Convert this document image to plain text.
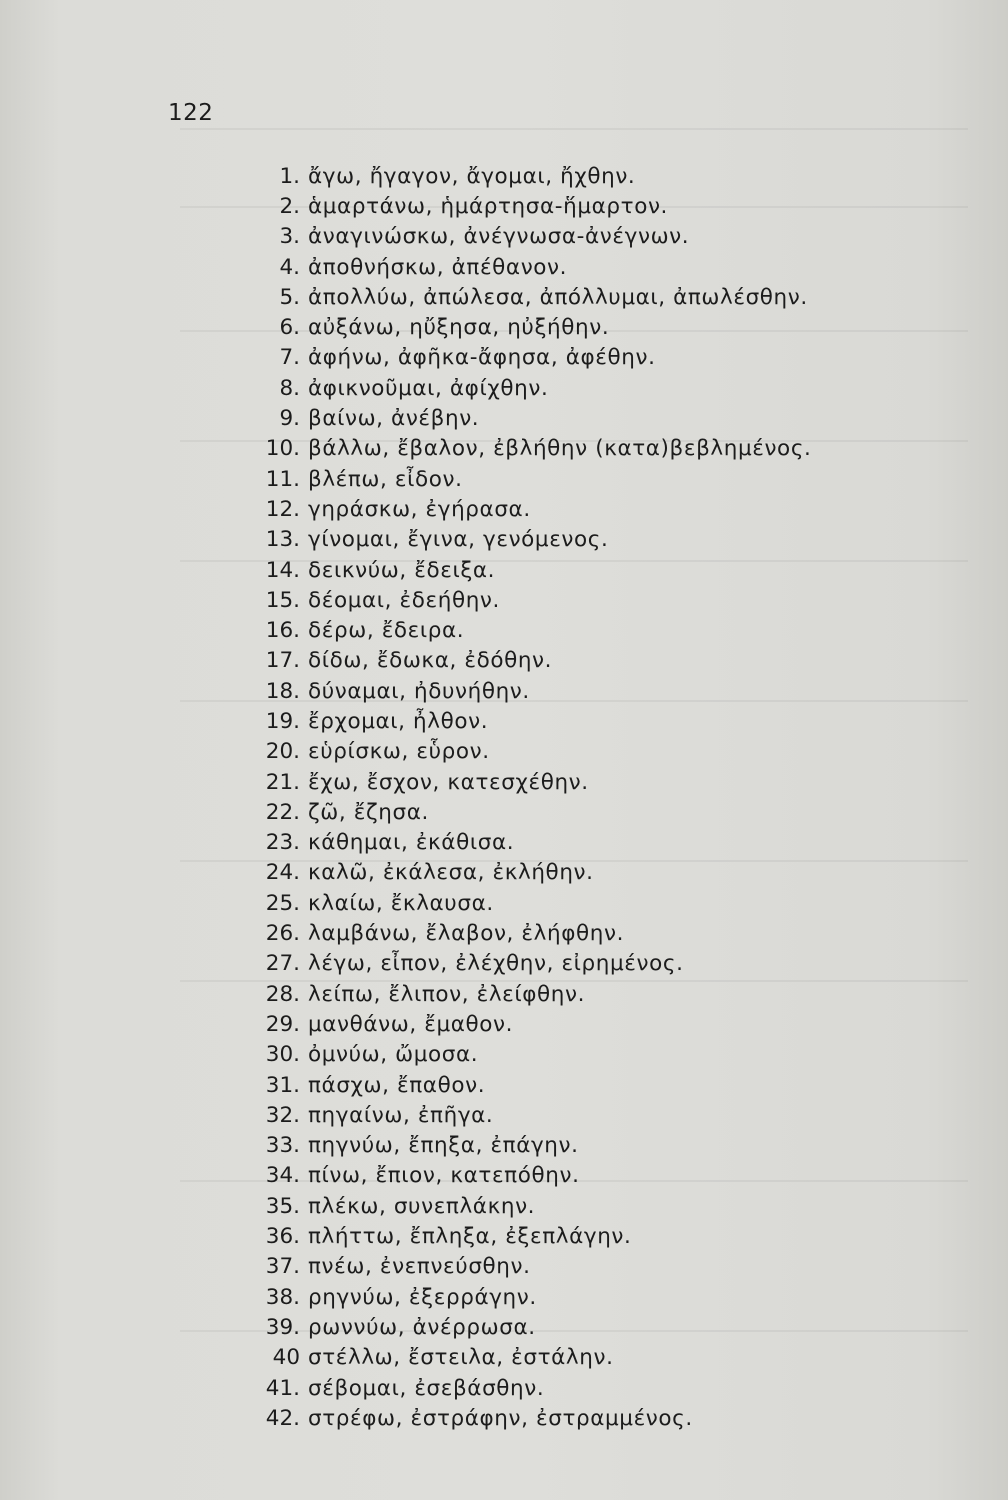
122
1. ἄγω, ἤγαγον, ἄγομαι, ἤχθην.
2. ἁμαρτάνω, ἡμάρτησα-ἥμαρτον.
3. ἀναγινώσκω, ἀνέγνωσα-ἀνέγνων.
4. ἀποθνήσκω, ἀπέθανον.
5. ἀπολλύω, ἀπώλεσα, ἀπόλλυμαι, ἀπωλέσθην.
6. αὐξάνω, ηὔξησα, ηὐξήθην.
7. ἀφήνω, ἀφῆκα-ἄφησα, ἀφέθην.
8. ἀφικνοῦμαι, ἀφίχθην.
9. βαίνω, ἀνέβην.
10. βάλλω, ἔβαλον, ἐβλήθην (κατα)βεβλημένος.
11. βλέπω, εἶδον.
12. γηράσκω, ἐγήρασα.
13. γίνομαι, ἔγινα, γενόμενος.
14. δεικνύω, ἔδειξα.
15. δέομαι, ἐδεήθην.
16. δέρω, ἔδειρα.
17. δίδω, ἔδωκα, ἐδόθην.
18. δύναμαι, ἠδυνήθην.
19. ἔρχομαι, ἦλθον.
20. εὑρίσκω, εὗρον.
21. ἔχω, ἔσχον, κατεσχέθην.
22. ζῶ, ἔζησα.
23. κάθημαι, ἐκάθισα.
24. καλῶ, ἐκάλεσα, ἐκλήθην.
25. κλαίω, ἔκλαυσα.
26. λαμβάνω, ἔλαβον, ἐλήφθην.
27. λέγω, εἶπον, ἐλέχθην, εἰρημένος.
28. λείπω, ἔλιπον, ἐλείφθην.
29. μανθάνω, ἔμαθον.
30. ὀμνύω, ὤμοσα.
31. πάσχω, ἔπαθον.
32. πηγαίνω, ἐπῆγα.
33. πηγνύω, ἔπηξα, ἐπάγην.
34. πίνω, ἔπιον, κατεπόθην.
35. πλέκω, συνεπλάκην.
36. πλήττω, ἔπληξα, ἐξεπλάγην.
37. πνέω, ἐνεπνεύσθην.
38. ρηγνύω, ἐξερράγην.
39. ρωννύω, ἀνέρρωσα.
40 στέλλω, ἔστειλα, ἐστάλην.
41. σέβομαι, ἐσεβάσθην.
42. στρέφω, ἐστράφην, ἐστραμμένος.
